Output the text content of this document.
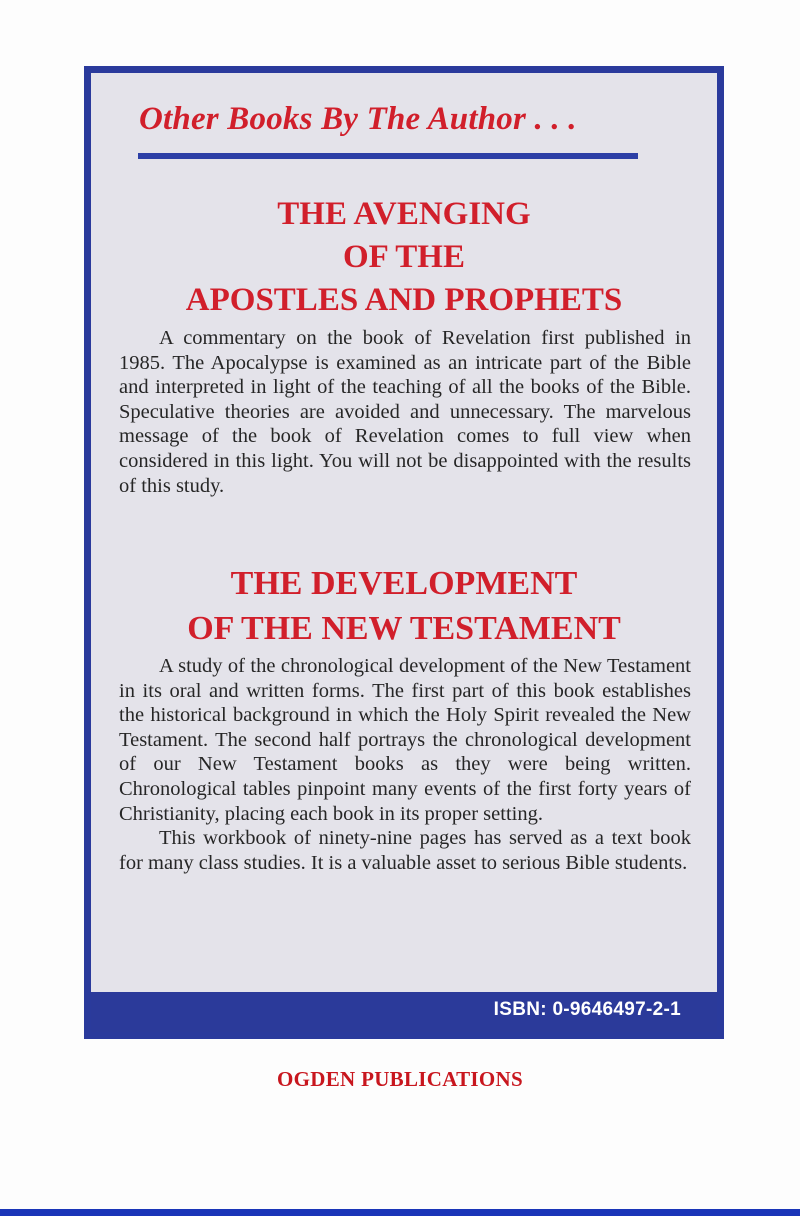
Other Books By The Author . . .
THE AVENGING
OF THE
APOSTLES AND PROPHETS

A commentary on the book of Revelation first published in 1985. The Apocalypse is examined as an intricate part of the Bible and interpreted in light of the teaching of all the books of the Bible. Speculative theories are avoided and unnecessary. The marvelous message of the book of Revelation comes to full view when considered in this light. You will not be disappointed with the results of this study.

THE DEVELOPMENT
OF THE NEW TESTAMENT

A study of the chronological development of the New Testament in its oral and written forms. The first part of this book establishes the historical background in which the Holy Spirit revealed the New Testament. The second half portrays the chronological development of our New Testament books as they were being written. Chronological tables pinpoint many events of the first forty years of Christianity, placing each book in its proper setting.

This workbook of ninety-nine pages has served as a text book for many class studies. It is a valuable asset to serious Bible students.

ISBN: 0-9646497-2-1
OGDEN PUBLICATIONS
